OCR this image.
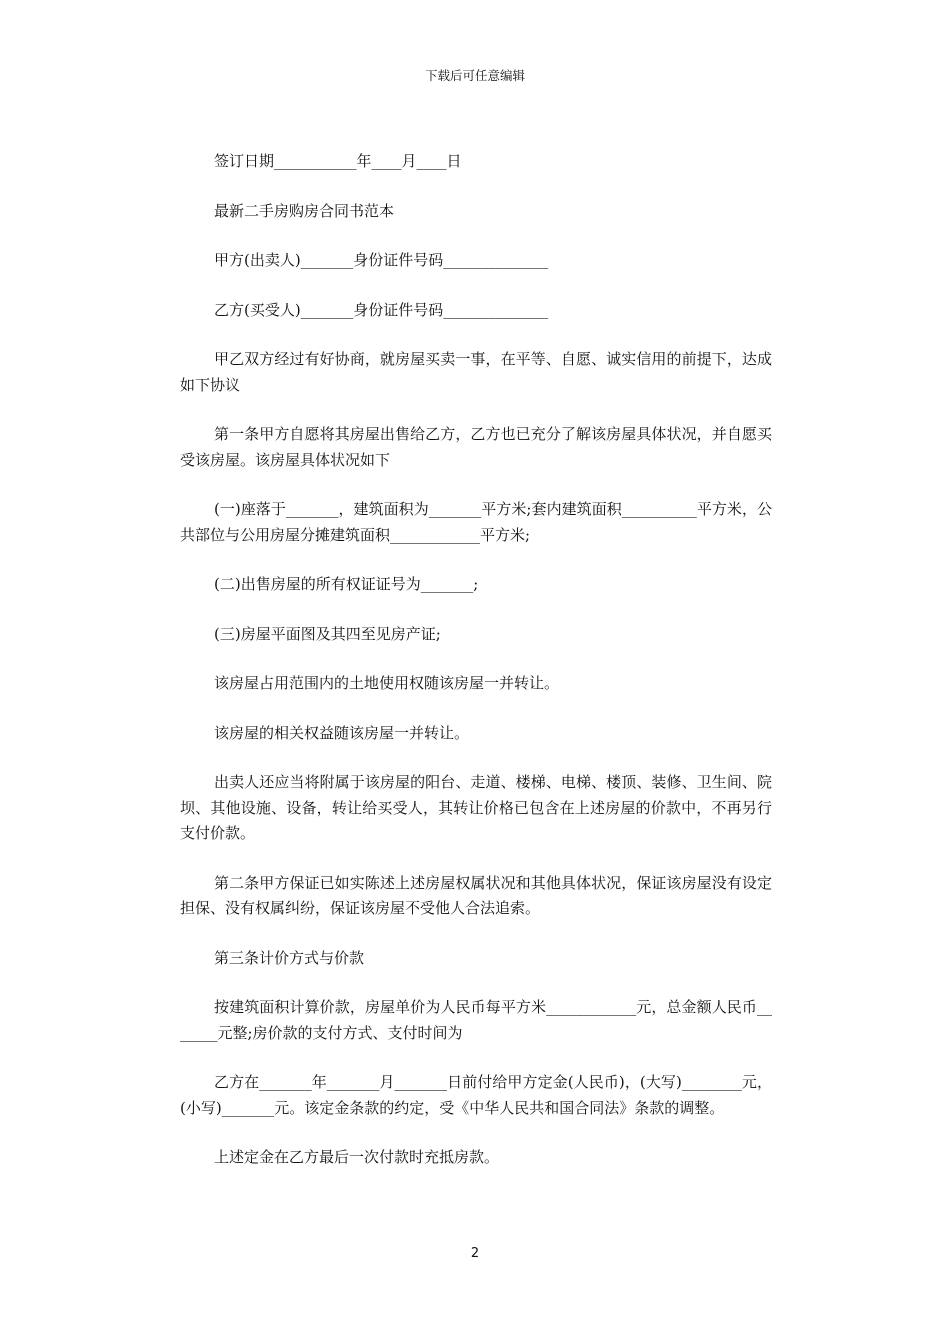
下载后可任意编辑

签订日期___________年____月____日

最新二手房购房合同书范本

甲方(出卖人)_______身份证件号码______________

乙方(买受人)_______身份证件号码______________

甲乙双方经过有好协商，就房屋买卖一事，在平等、自愿、诚实信用的前提下，达成如下协议

第一条甲方自愿将其房屋出售给乙方，乙方也已充分了解该房屋具体状况，并自愿买受该房屋。该房屋具体状况如下

(一)座落于_______，建筑面积为_______平方米;套内建筑面积__________平方米，公共部位与公用房屋分摊建筑面积____________平方米;

(二)出售房屋的所有权证证号为_______;

(三)房屋平面图及其四至见房产证;

该房屋占用范围内的土地使用权随该房屋一并转让。

该房屋的相关权益随该房屋一并转让。

出卖人还应当将附属于该房屋的阳台、走道、楼梯、电梯、楼顶、装修、卫生间、院坝、其他设施、设备，转让给买受人，其转让价格已包含在上述房屋的价款中，不再另行支付价款。

第二条甲方保证已如实陈述上述房屋权属状况和其他具体状况，保证该房屋没有设定担保、没有权属纠纷，保证该房屋不受他人合法追索。

第三条计价方式与价款

按建筑面积计算价款，房屋单价为人民币每平方米____________元，总金额人民币_______元整;房价款的支付方式、支付时间为

乙方在_______年_______月_______日前付给甲方定金(人民币)，(大写)________元，(小写)_______元。该定金条款的约定，受《中华人民共和国合同法》条款的调整。

上述定金在乙方最后一次付款时充抵房款。

2
